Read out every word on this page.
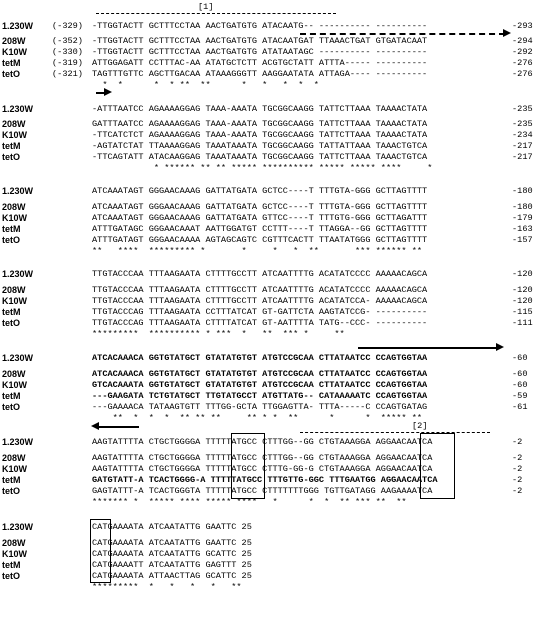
[1]
1.230W (-329) -TTGGTACTT GCTTTCCTAA AACTGATGTG ATACAATG-- ---------- ----------	-293
208W	(-352) -TTGGTACTT GCTTTCCTAA AACTGATGTG ATACAATGAT TTAAACTGAT GTGATACAAT	-294
K10W	(-330) -TTGGTACTT GCTTTCCTAA AACTGATGTG ATATAATAGC ---------- ----------	-292
tetM	(-319) ATTGGAGATT CCTTTAC-AA ATATGCTCTT ACGTGCTATT ATTTA----- ----------	-276
tetO	(-321) TAGTTTGTTC AGCTTGACAA ATAAAGGGTT AAGGAATATA ATTAGA---- ----------	-276
*  *      *  * **  **      *   *   *  *  *
1.230W	-ATTTAATCC AGAAAAGGAG TAAA-AAATA TGCGGCAAGG TATTCTTAAA TAAAACTATA	-235
208W	GATTTAATCC AGAAAAGGAG TAAA-AAATA TGCGGCAAGG TATTCTTAAA TAAAACTATA	-235
K10W	-TTCATCTCT AGAAAAGGAG TAAA-AAATA TGCGGCAAGG TATTCTTAAA TAAAACTATA	-234
tetM	-AGTATCTAT TTAAAAGGAG TAAATAAATA TGCGGCAAGG TATTATTAAA TAAACTGTCA	-217
tetO	-TTCAGTATT ATACAAGGAG TAAATAAATA TGCGGCAAGG TATTCTTAAA TAAACTGTCA	-217
* ****** ** ** ***** ********** ***** ***** ****     *
1.230W	ATCAAATAGT GGGAACAAAG GATTATGATA GCTCC----T TTTGTA-GGG GCTTAGTTTT	-180
208W	ATCAAATAGT GGGAACAAAG GATTATGATA GCTCC----T TTTGTA-GGG GCTTAGTTTT	-180
K10W	ATCAAATAGT GGGAACAAAG GATTATGATA GTTCC----T TTTGTG-GGG GCTTAGATTT	-179
tetM	ATTTGATAGC GGGAACAAAT AATTGGATGT CCTTT----T TTAGGA--GG GCTTAGTTTT	-163
tetO	ATTTGATAGT GGGAACAAAA AGTAGCAGTC CGTTTCACTT TTAATATGGG GCTTAGTTTT	-157
**   ****  ********* *       *     *   *  **       *** ****** **
1.230W	TTGTACCCAA TTTAAGAATA CTTTTGCCTT ATCAATTTTG ACATATCCCC AAAAACAGCA	-120
208W	TTGTACCCAA TTTAAGAATA CTTTTGCCTT ATCAATTTTG ACATATCCCC AAAAACAGCA	-120
K10W	TTGTACCCAA TTTAAGAATA CTTTTGCCTT ATCAATTTTG ACATATCCA- AAAAACAGCA	-120
tetM	TTGTACCCAG TTTAAGAATA CCTTTATCAT GT-GATTCTA AAGTATCCG- ----------	-115
tetO	TTGTACCCAG TTTAAGAATA CTTTTATCAT GT-AATTTTA TATG--CCC- ----------	-111
*********  ********** * ***  *   **  *** *     **
1.230W	ATCACAAACA GGTGTATGCT GTATATGTGT ATGTCCGCAA CTTATAATCC CCAGTGGTAA	-60
208W	ATCACAAACA GGTGTATGCT GTATATGTGT ATGTCCGCAA CTTATAATCC CCAGTGGTAA	-60
K10W	GTCACAAATA GGTGTATGCT GTATATGTGT ATGTCCGCAA CTTATAATCC CCAGTGGTAA	-60
tetM	---GAAGATA TCTGTATGCT TTGTATGCCT ATGTTATG-- CATAAAAATC CCAGTGGTAA	-59
tetO	---GAAAACA TATAAGTGTT TTTGG-GCTA TTGGAGTTA- TTTA-----C CCAGTGATAG	-61
**  *  *  *  ** ** **     ** * *  **      *      *  ***** **
[2]
1.230W	AAGTATTTTA CTGCTGGGGA TTTTTATGCC CTTTGG--GG CTGTAAAGGA AGGAACAATCA	-2
208W	AAGTATTTTA CTGCTGGGGA TTTTTATGCC CTTTGG--GG CTGTAAAGGA AGGAACAATCA	-2
K10W	AAGTATTTTA CTGCTGGGGA TTTTTATGCC CTTTG-GG-G CTGTAAAGGA AGGAACAATCA	-2
tetM	GATGTATT-A TCACTGGGG-A TTTTTATGCC TTTGTTG-GGC TTTGAATGG AGGAACAATCA	-2
tetO	GAGTATTT-A TCACTGGGTA TTTTTATGCC CTTTTTTTGGG TGTTGATAGG AAGAAAATCA	-2
******* *  ***** **** ***** ****   *      *  *  ** *** **  **
1.230W	CATGAAAATA ATCAATATTG GAATTC 25
208W	CATGAAAATA ATCAATATTG GAATTC 25
K10W	CATGAAAATA ATCAATATTG GCATTC 25
tetM	CATGAAAATT ATCAATATTG GAGTTT 25
tetO	CATGAAAATA ATTAACTTAG GCATTC 25
*********  *   *   *   *   **
